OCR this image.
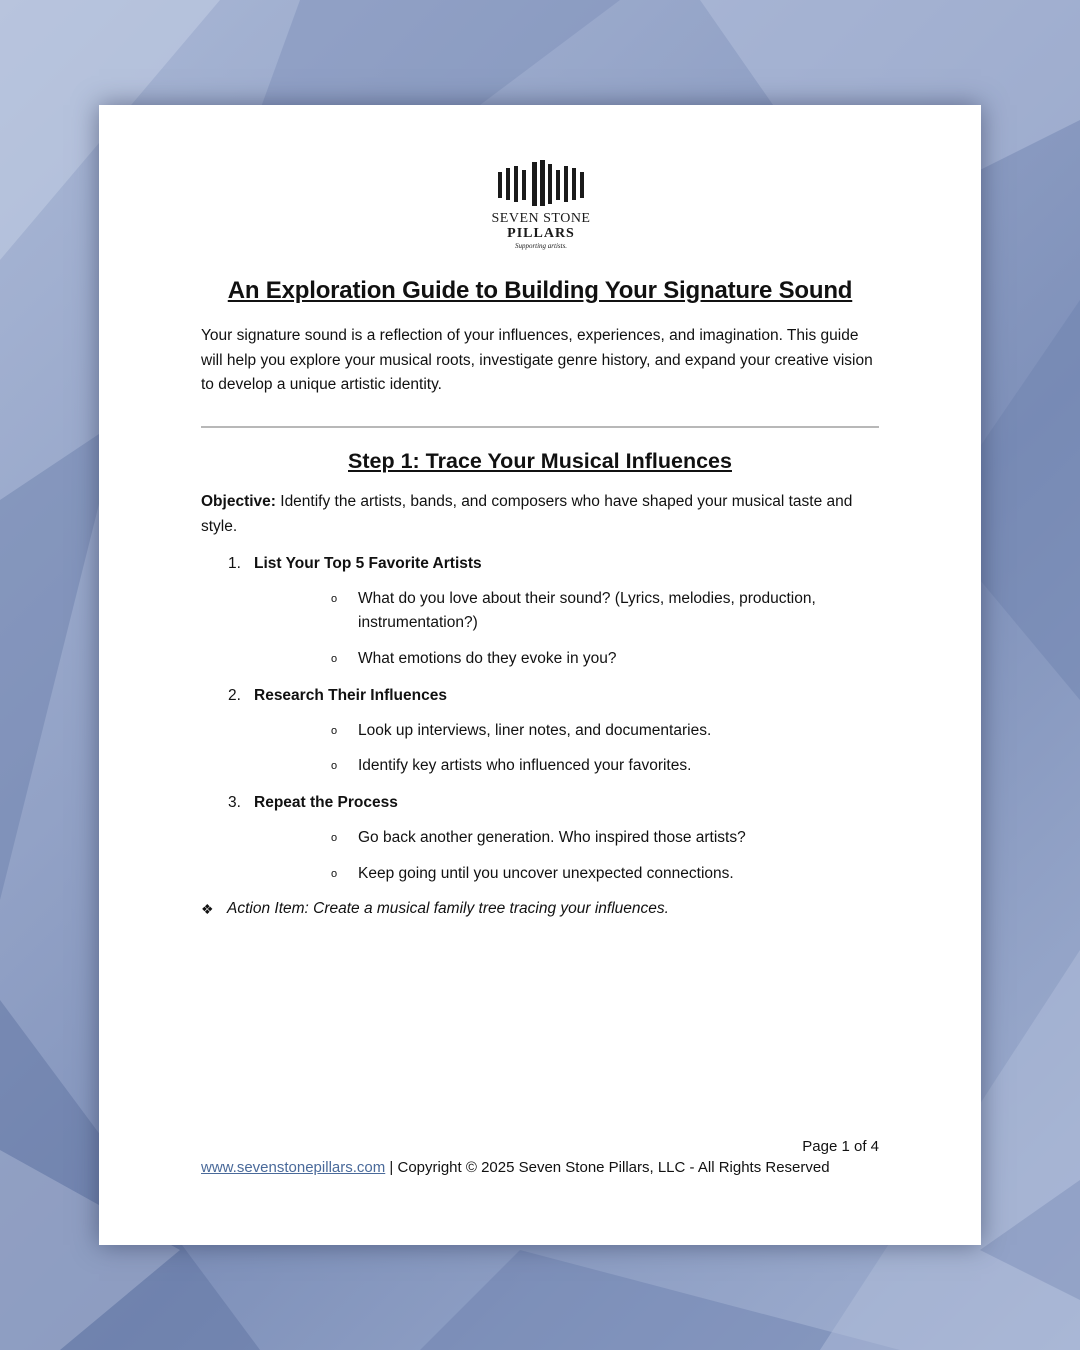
SEVEN STONE
PILLARS
Supporting artists.
An Exploration Guide to Building Your Signature Sound

Your signature sound is a reflection of your influences, experiences, and imagination. This guide will help you explore your musical roots, investigate genre history, and expand your creative vision to develop a unique artistic identity.

Step 1: Trace Your Musical Influences

Objective: Identify the artists, bands, and composers who have shaped your musical taste and style.

1. List Your Top 5 Favorite Artists
o What do you love about their sound? (Lyrics, melodies, production, instrumentation?)
o What emotions do they evoke in you?
2. Research Their Influences
o Look up interviews, liner notes, and documentaries.
o Identify key artists who influenced your favorites.
3. Repeat the Process
o Go back another generation. Who inspired those artists?
o Keep going until you uncover unexpected connections.
❖ Action Item: Create a musical family tree tracing your influences.
Page 1 of 4
www.sevenstonepillars.com | Copyright © 2025 Seven Stone Pillars, LLC - All Rights Reserved
